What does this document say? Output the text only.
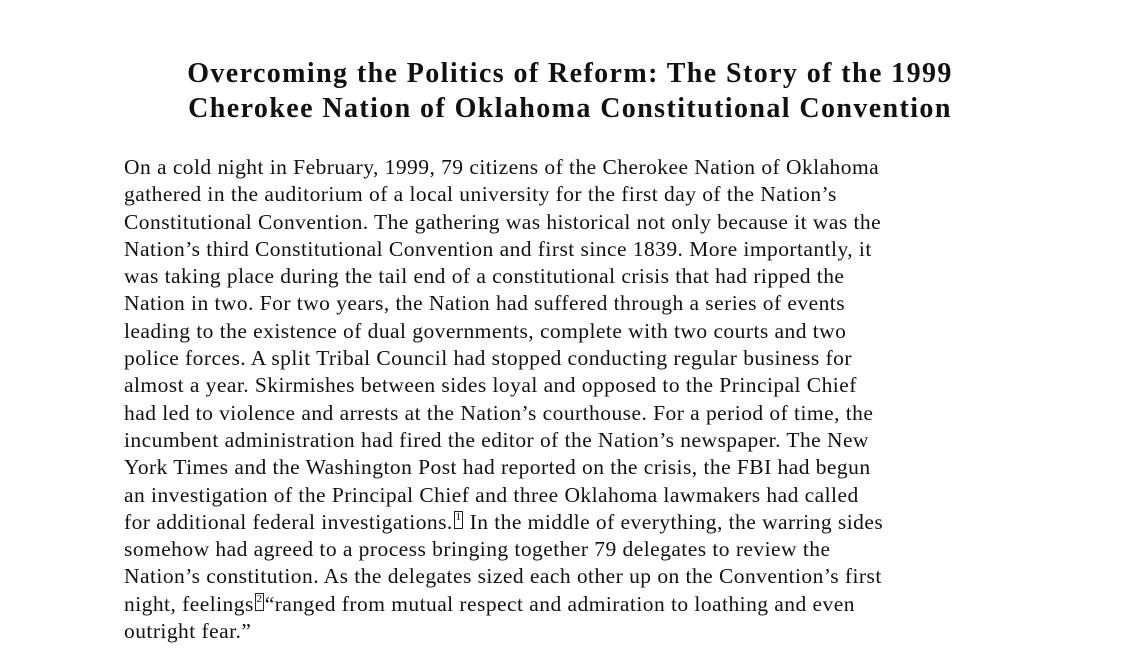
Overcoming the Politics of Reform: The Story of the 1999
Cherokee Nation of Oklahoma Constitutional Convention

On a cold night in February, 1999, 79 citizens of the Cherokee Nation of Oklahoma
gathered in the auditorium of a local university for the first day of the Nation’s
Constitutional Convention. The gathering was historical not only because it was the
Nation’s third Constitutional Convention and first since 1839. More importantly, it
was taking place during the tail end of a constitutional crisis that had ripped the
Nation in two. For two years, the Nation had suffered through a series of events
leading to the existence of dual governments, complete with two courts and two
police forces. A split Tribal Council had stopped conducting regular business for
almost a year. Skirmishes between sides loyal and opposed to the Principal Chief
had led to violence and arrests at the Nation’s courthouse. For a period of time, the
incumbent administration had fired the editor of the Nation’s newspaper. The New
York Times and the Washington Post had reported on the crisis, the FBI had begun
an investigation of the Principal Chief and three Oklahoma lawmakers had called
for additional federal investigations. 1 In the middle of everything, the warring sides
somehow had agreed to a process bringing together 79 delegates to review the
Nation’s constitution. As the delegates sized each other up on the Convention’s first
night, feelings 2 “ranged from mutual respect and admiration to loathing and even
outright fear.”
